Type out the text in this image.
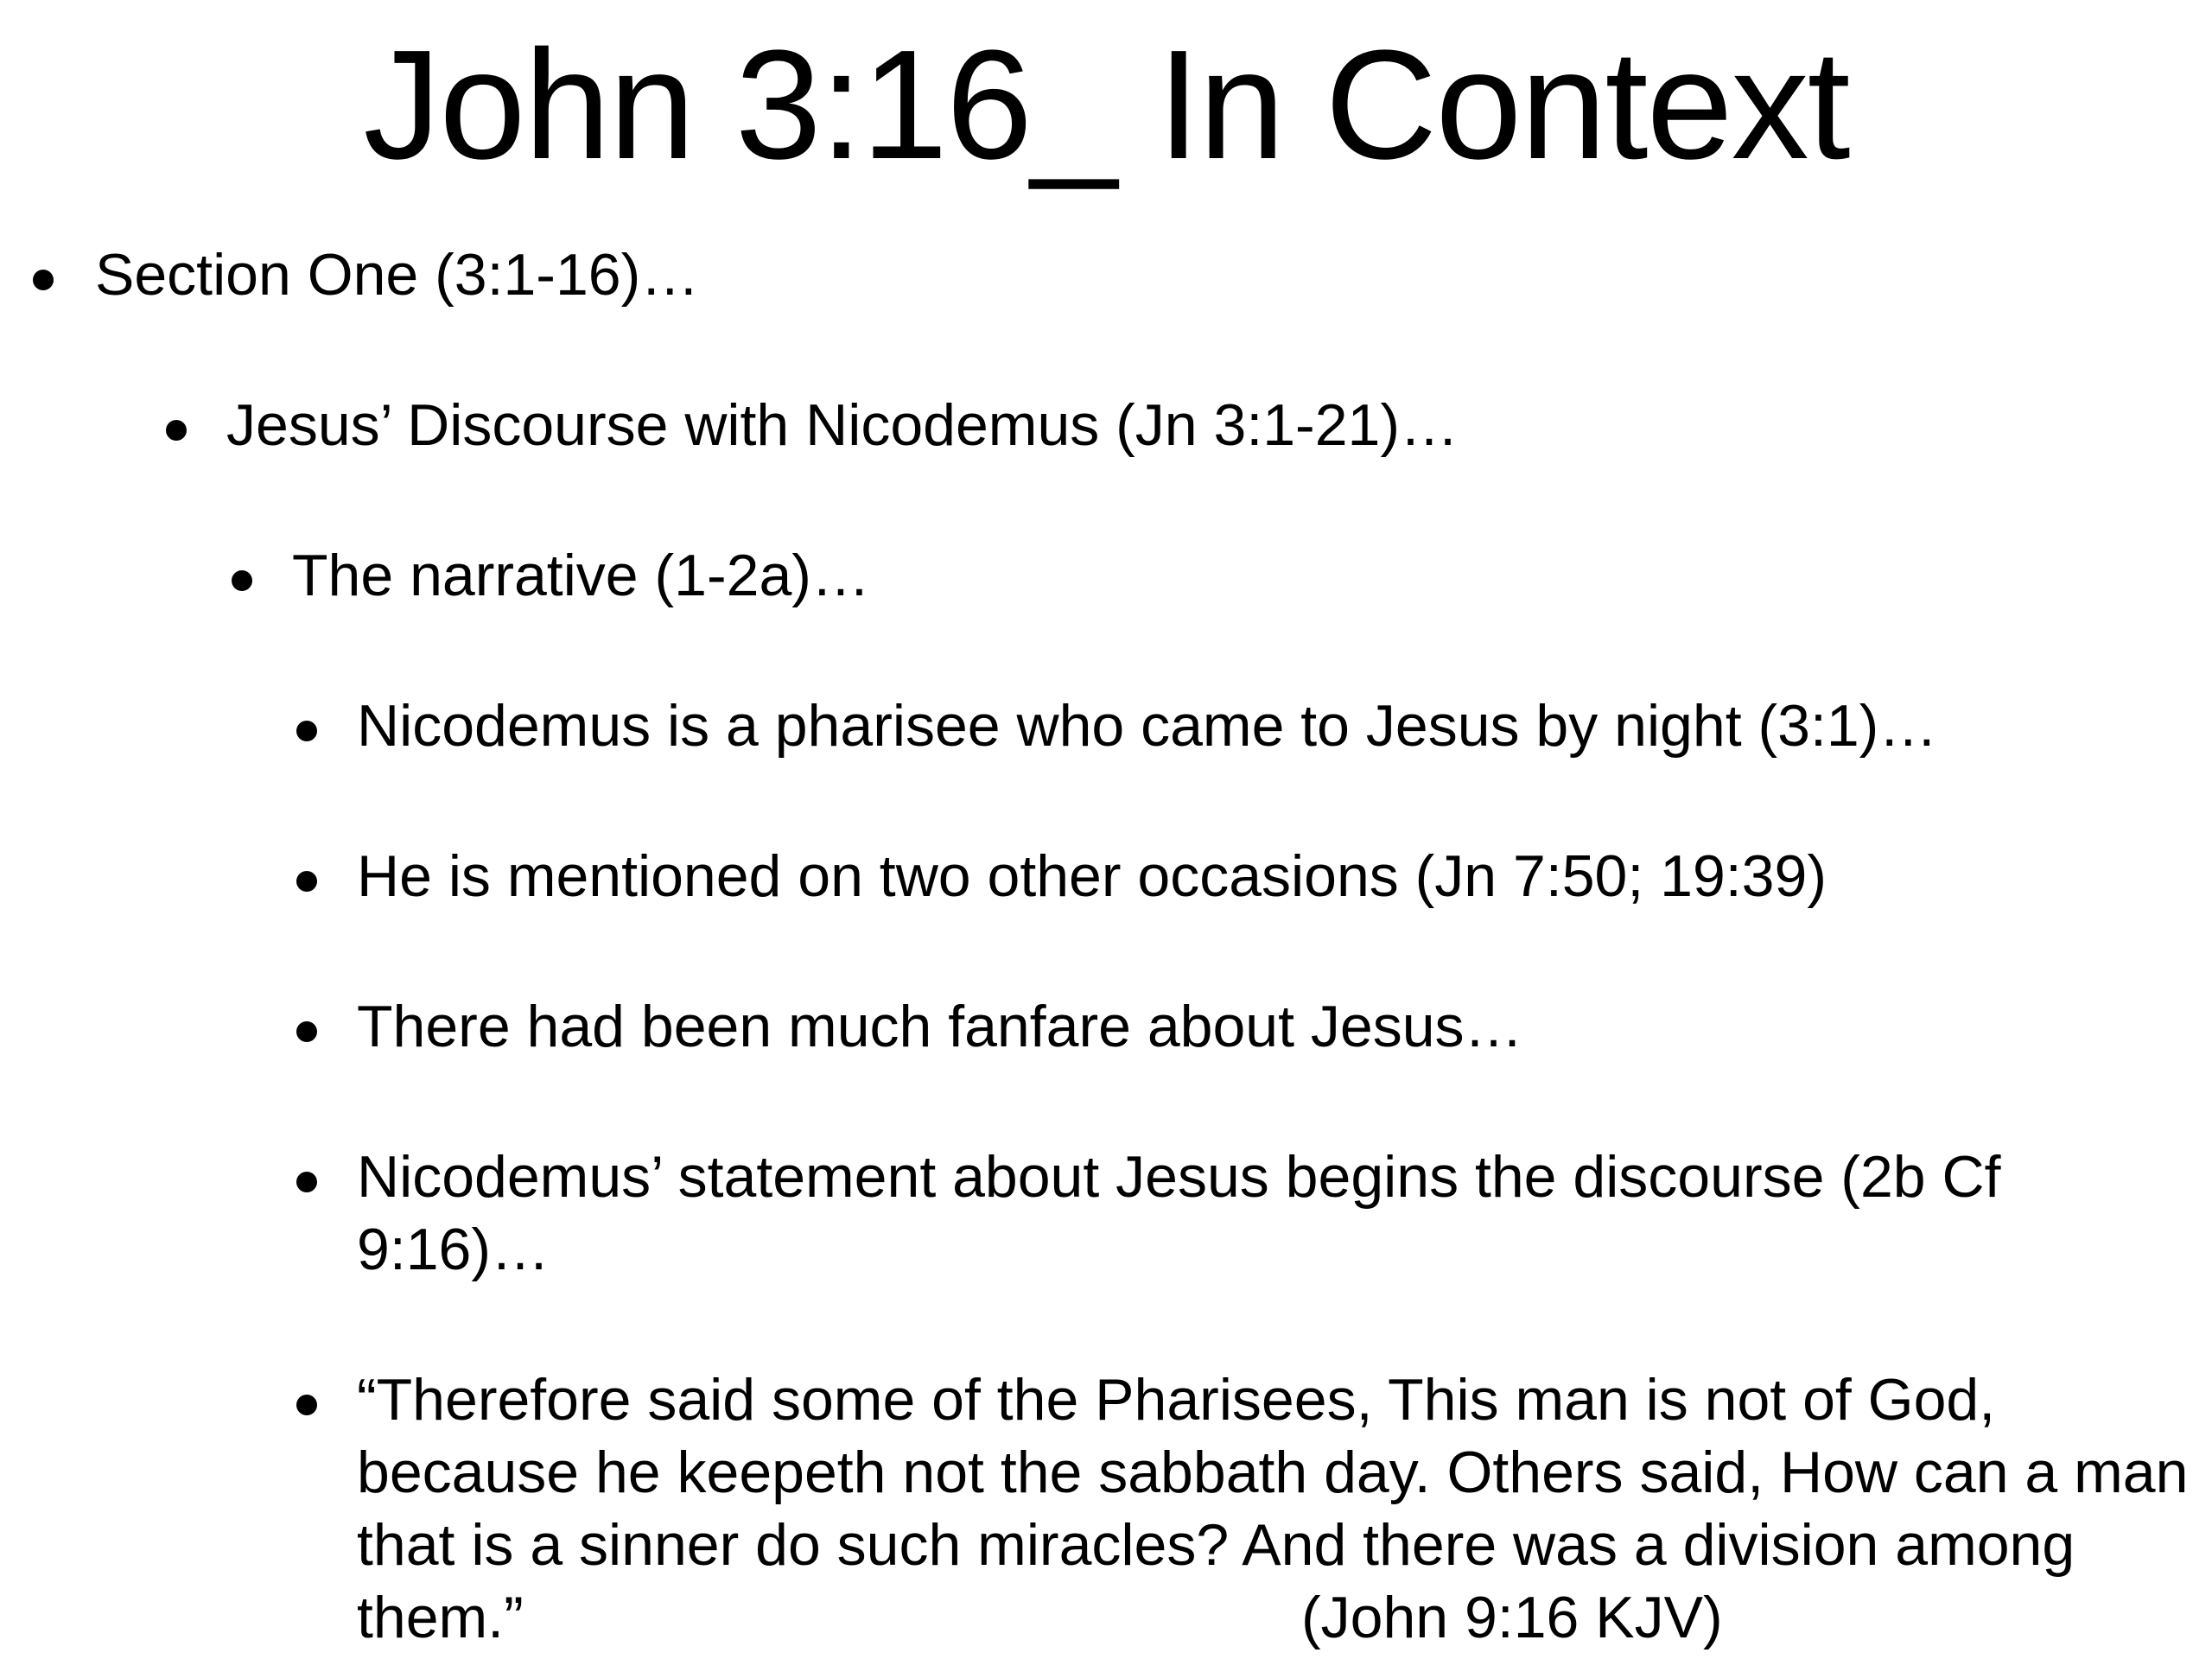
John 3:16_ In Context
Section One (3:1-16)…
Jesus’ Discourse with Nicodemus (Jn 3:1-21)…
The narrative (1-2a)…
Nicodemus is a pharisee who came to Jesus by night (3:1)…
He is mentioned on two other occasions (Jn 7:50; 19:39)
There had been much fanfare about Jesus…
Nicodemus’ statement about Jesus begins the discourse (2b Cf 9:16)…
“Therefore said some of the Pharisees, This man is not of God,
because he keepeth not the sabbath day. Others said, How can a man
that is a sinner do such miracles? And there was a division among
them.”	(John 9:16 KJV)
